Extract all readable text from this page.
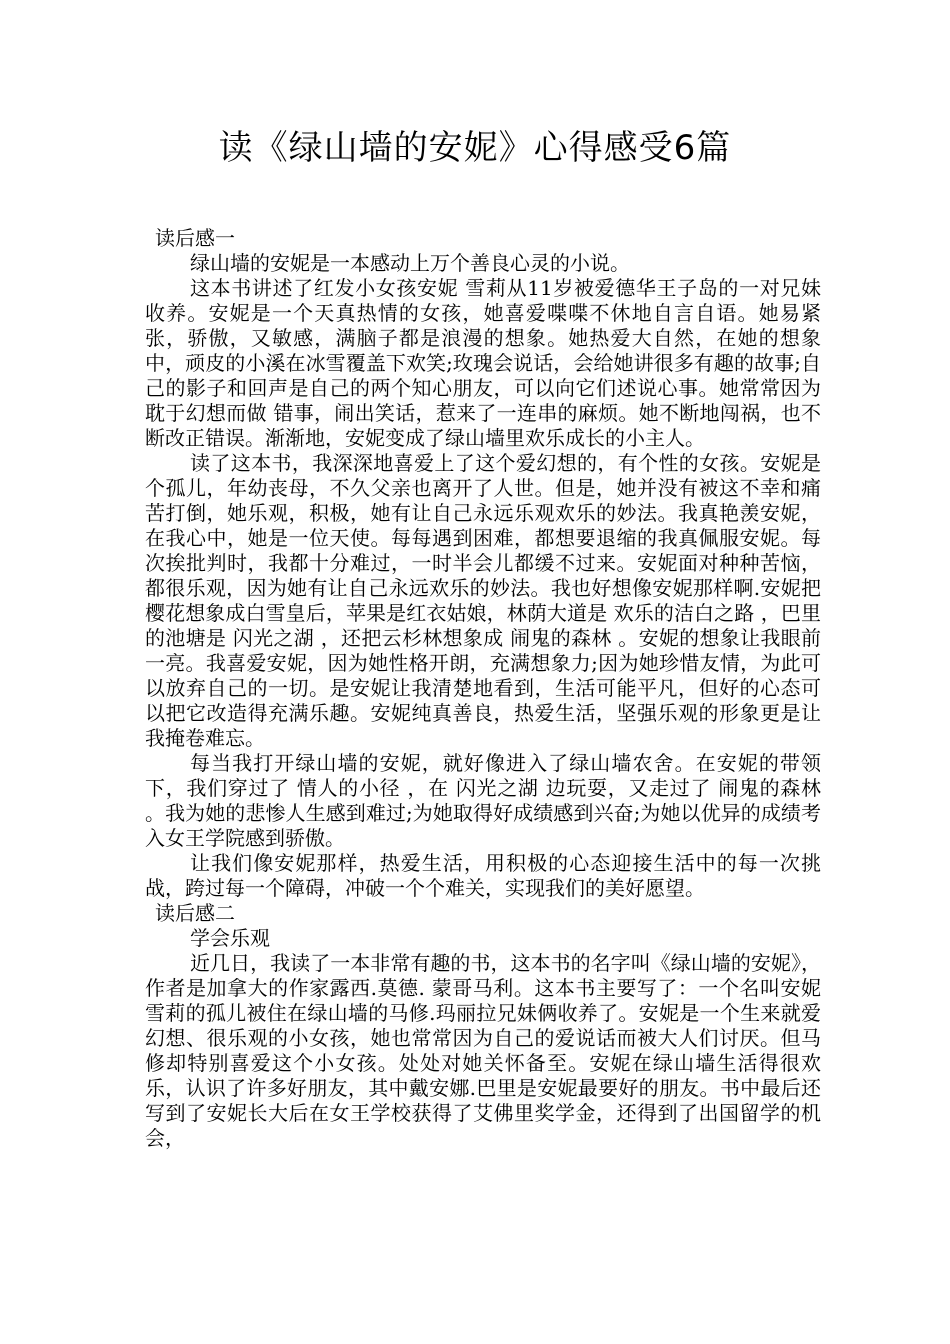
读《绿山墙的安妮》心得感受6篇

读后感一

绿山墙的安妮是一本感动上万个善良心灵的小说。

这本书讲述了红发小女孩安妮 雪莉从11岁被爱德华王子岛的一对兄妹收养。安妮是一个天真热情的女孩，她喜爱喋喋不休地自言自语。她易紧张，骄傲，又敏感，满脑子都是浪漫的想象。她热爱大自然，在她的想象中，顽皮的小溪在冰雪覆盖下欢笑;玫瑰会说话，会给她讲很多有趣的故事;自己的影子和回声是自己的两个知心朋友，可以向它们述说心事。她常常因为耽于幻想而做 错事，闹出笑话，惹来了一连串的麻烦。她不断地闯祸，也不断改正错误。渐渐地，安妮变成了绿山墙里欢乐成长的小主人。

读了这本书，我深深地喜爱上了这个爱幻想的，有个性的女孩。安妮是个孤儿，年幼丧母，不久父亲也离开了人世。但是，她并没有被这不幸和痛苦打倒，她乐观，积极，她有让自己永远乐观欢乐的妙法。我真艳羡安妮，在我心中，她是一位天使。每每遇到困难，都想要退缩的我真佩服安妮。每次挨批判时，我都十分难过，一时半会儿都缓不过来。安妮面对种种苦恼，都很乐观，因为她有让自己永远欢乐的妙法。我也好想像安妮那样啊.安妮把樱花想象成白雪皇后，苹果是红衣姑娘，林荫大道是 欢乐的洁白之路 ，巴里的池塘是 闪光之湖 ，还把云杉林想象成 闹鬼的森林 。安妮的想象让我眼前一亮。我喜爱安妮，因为她性格开朗，充满想象力;因为她珍惜友情，为此可以放弃自己的一切。是安妮让我清楚地看到，生活可能平凡，但好的心态可以把它改造得充满乐趣。安妮纯真善良，热爱生活，坚强乐观的形象更是让我掩卷难忘。

每当我打开绿山墙的安妮，就好像进入了绿山墙农舍。在安妮的带领下，我们穿过了 情人的小径 ，在 闪光之湖 边玩耍，又走过了 闹鬼的森林 。我为她的悲惨人生感到难过;为她取得好成绩感到兴奋;为她以优异的成绩考入女王学院感到骄傲。

让我们像安妮那样，热爱生活，用积极的心态迎接生活中的每一次挑战，跨过每一个障碍，冲破一个个难关，实现我们的美好愿望。

读后感二

学会乐观

近几日，我读了一本非常有趣的书，这本书的名字叫《绿山墙的安妮》，作者是加拿大的作家露西.莫德. 蒙哥马利。这本书主要写了：一个名叫安妮雪莉的孤儿被住在绿山墙的马修.玛丽拉兄妹俩收养了。安妮是一个生来就爱幻想、很乐观的小女孩，她也常常因为自己的爱说话而被大人们讨厌。但马修却特别喜爱这个小女孩。处处对她关怀备至。安妮在绿山墙生活得很欢乐，认识了许多好朋友，其中戴安娜.巴里是安妮最要好的朋友。书中最后还写到了安妮长大后在女王学校获得了艾佛里奖学金，还得到了出国留学的机会，
